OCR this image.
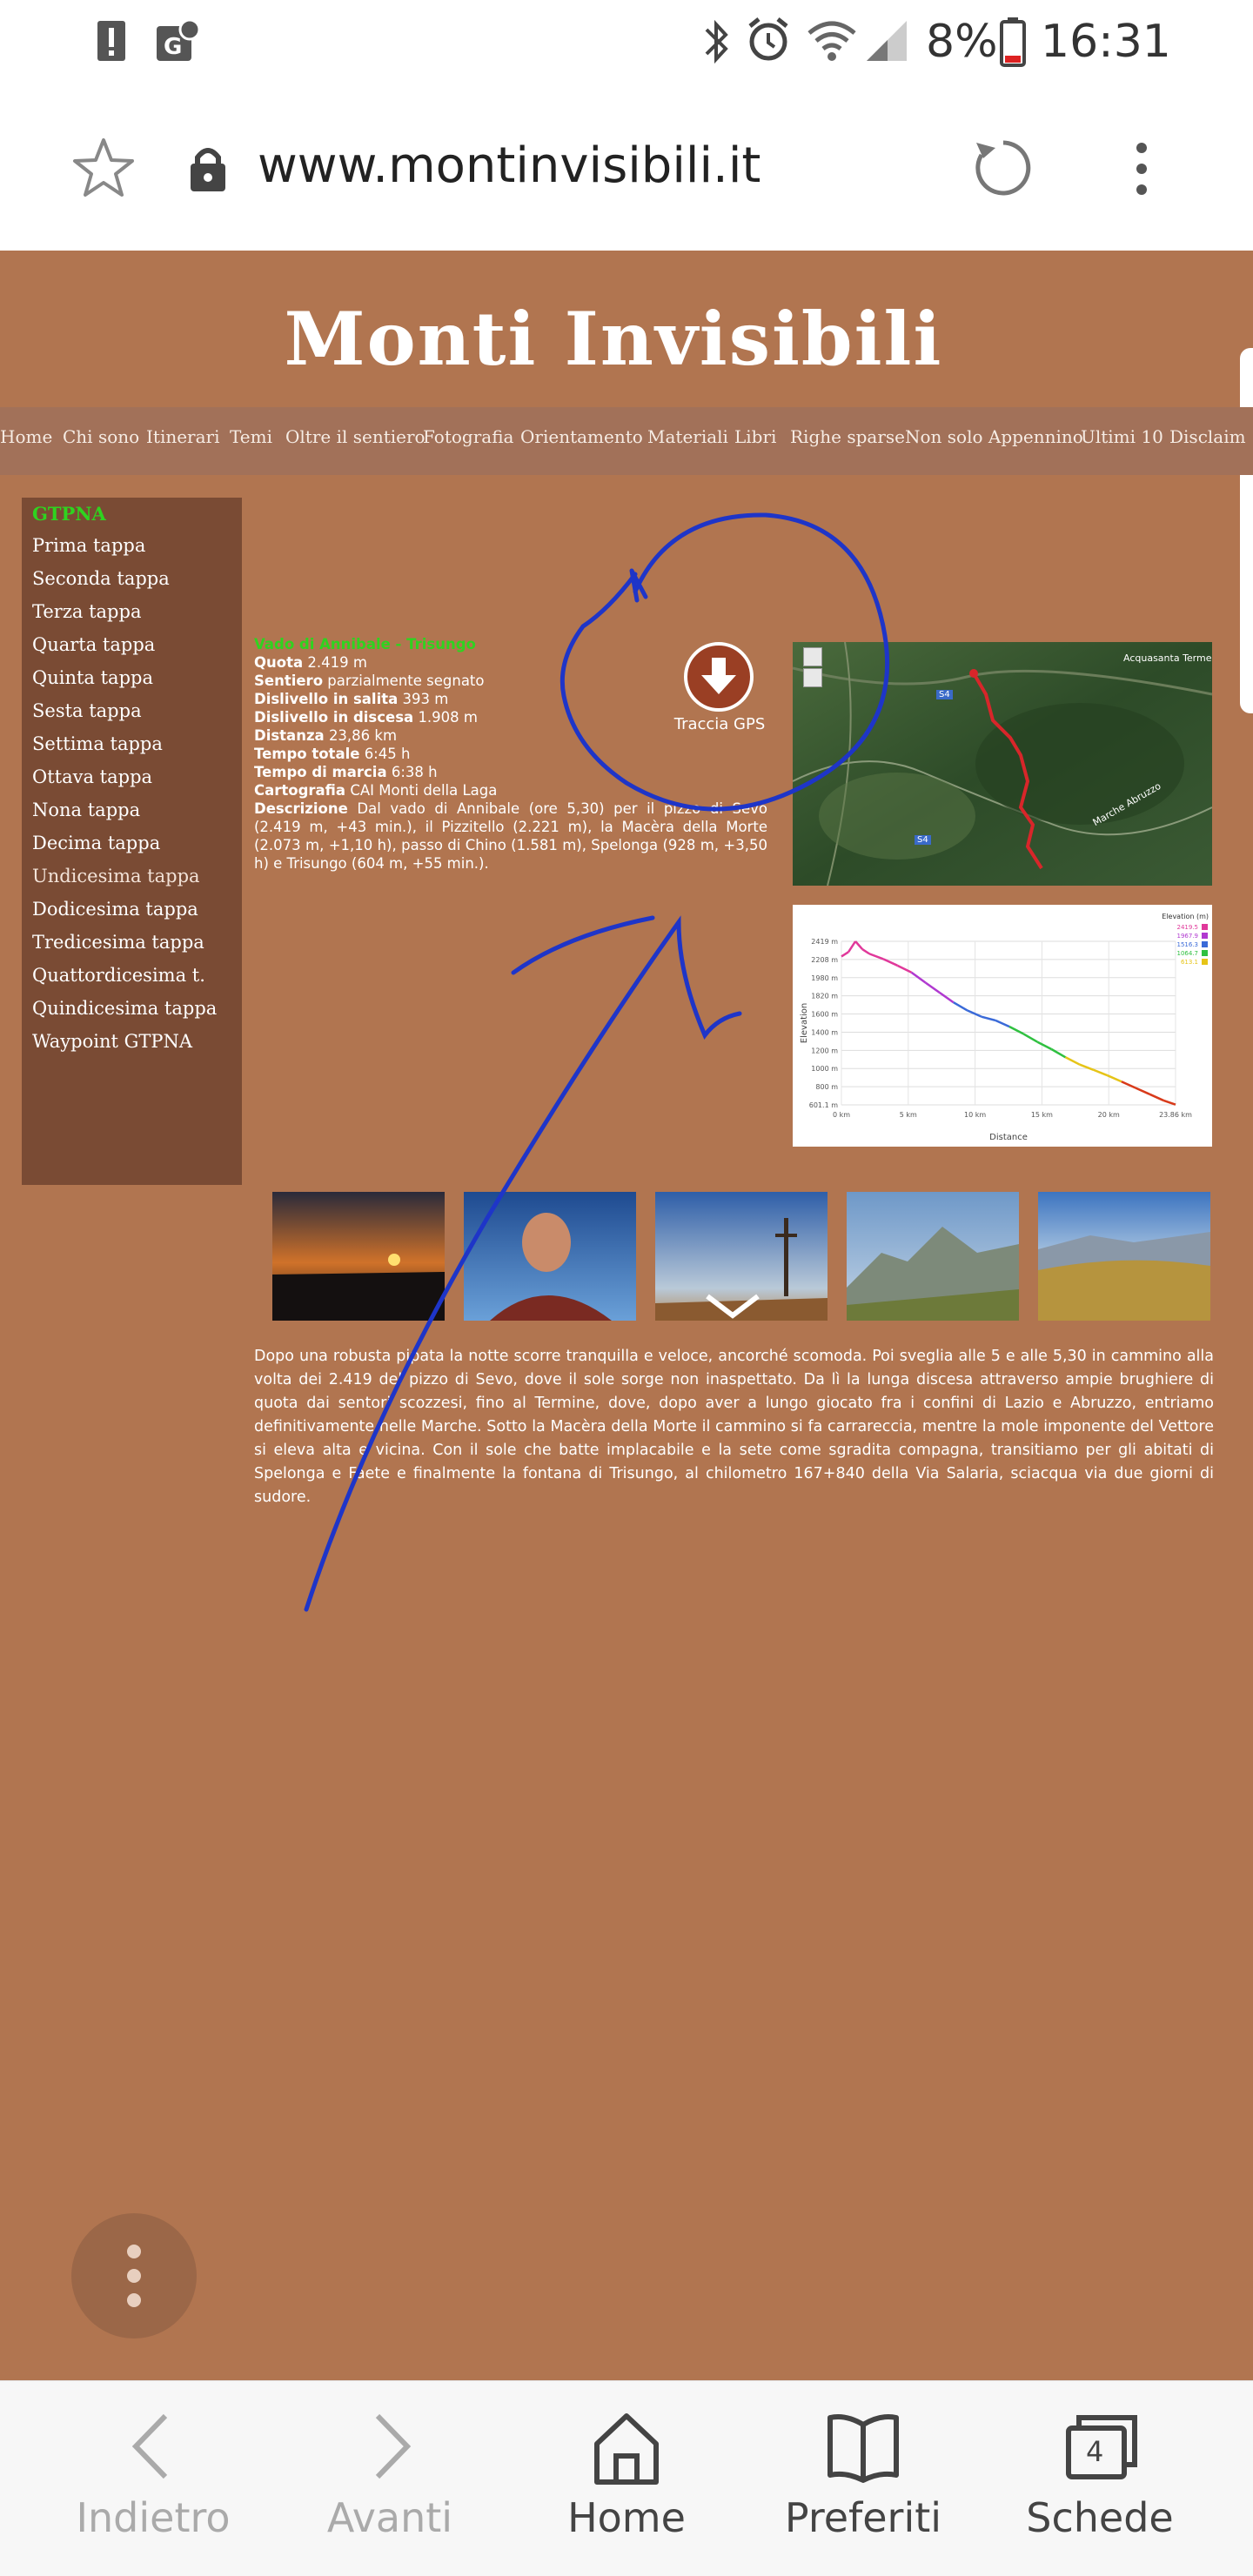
G	8% 16:31
www.montinvisibili.it
Monti Invisibili
Home Chi sono Itinerari Temi Oltre il sentiero
Fotografia Orientamento Materiali Libri Righe sparse Non solo Appennino
Ultimi 10 Disclaim
GTPNA
Prima tappa
Seconda tappa
Terza tappa
Quarta tappa
Quinta tappa
Sesta tappa
Settima tappa
Ottava tappa
Nona tappa
Decima tappa
Undicesima tappa
Dodicesima tappa
Tredicesima tappa
Quattordicesima t.
Quindicesima tappa
Waypoint GTPNA
Vado di Annibale - Trisungo
Quota 2.419 m
Sentiero parzialmente segnato
Dislivello in salita 393 m
Dislivello in discesa 1.908 m
Distanza 23,86 km
Tempo totale 6:45 h
Tempo di marcia 6:38 h
Cartografia CAI Monti della Laga
Descrizione Dal vado di Annibale (ore 5,30) per il pizzo di Sevo (2.419 m, +43 min.), il Pizzitello (2.221 m), la Macèra della Morte (2.073 m, +1,10 h), passo di Chino (1.581 m), Spelonga (928 m, +3,50 h) e Trisungo (604 m, +55 min.).
Traccia GPS
Acquasanta Terme
Marche Abruzzo
S4
S4
2419 m
2208 m
1980 m
1820 m
1600 m
1400 m
1200 m
1000 m
800 m
601.1 m
0 km	5 km	10 km	15 km	20 km	23.86 km
Distance
Elevation
Elevation (m)
2419.5
1967.9
1516.3
1064.7
613.1
Dopo una robusta pipata la notte scorre tranquilla e veloce, ancorché scomoda. Poi sveglia alle 5 e alle 5,30 in cammino alla volta dei 2.419 del pizzo di Sevo, dove il sole sorge non inaspettato. Da lì la lunga discesa attraverso ampie brughiere di quota dai sentori scozzesi, fino al Termine, dove, dopo aver a lungo giocato fra i confini di Lazio e Abruzzo, entriamo definitivamente nelle Marche. Sotto la Macèra della Morte il cammino si fa carrareccia, mentre la mole imponente del Vettore si eleva alta e vicina. Con il sole che batte implacabile e la sete come sgradita compagna, transitiamo per gli abitati di Spelonga e Faete e finalmente la fontana di Trisungo, al chilometro 167+840 della Via Salaria, sciacqua via due giorni di sudore.
Indietro	Avanti	Home	Preferiti
4
Schede
